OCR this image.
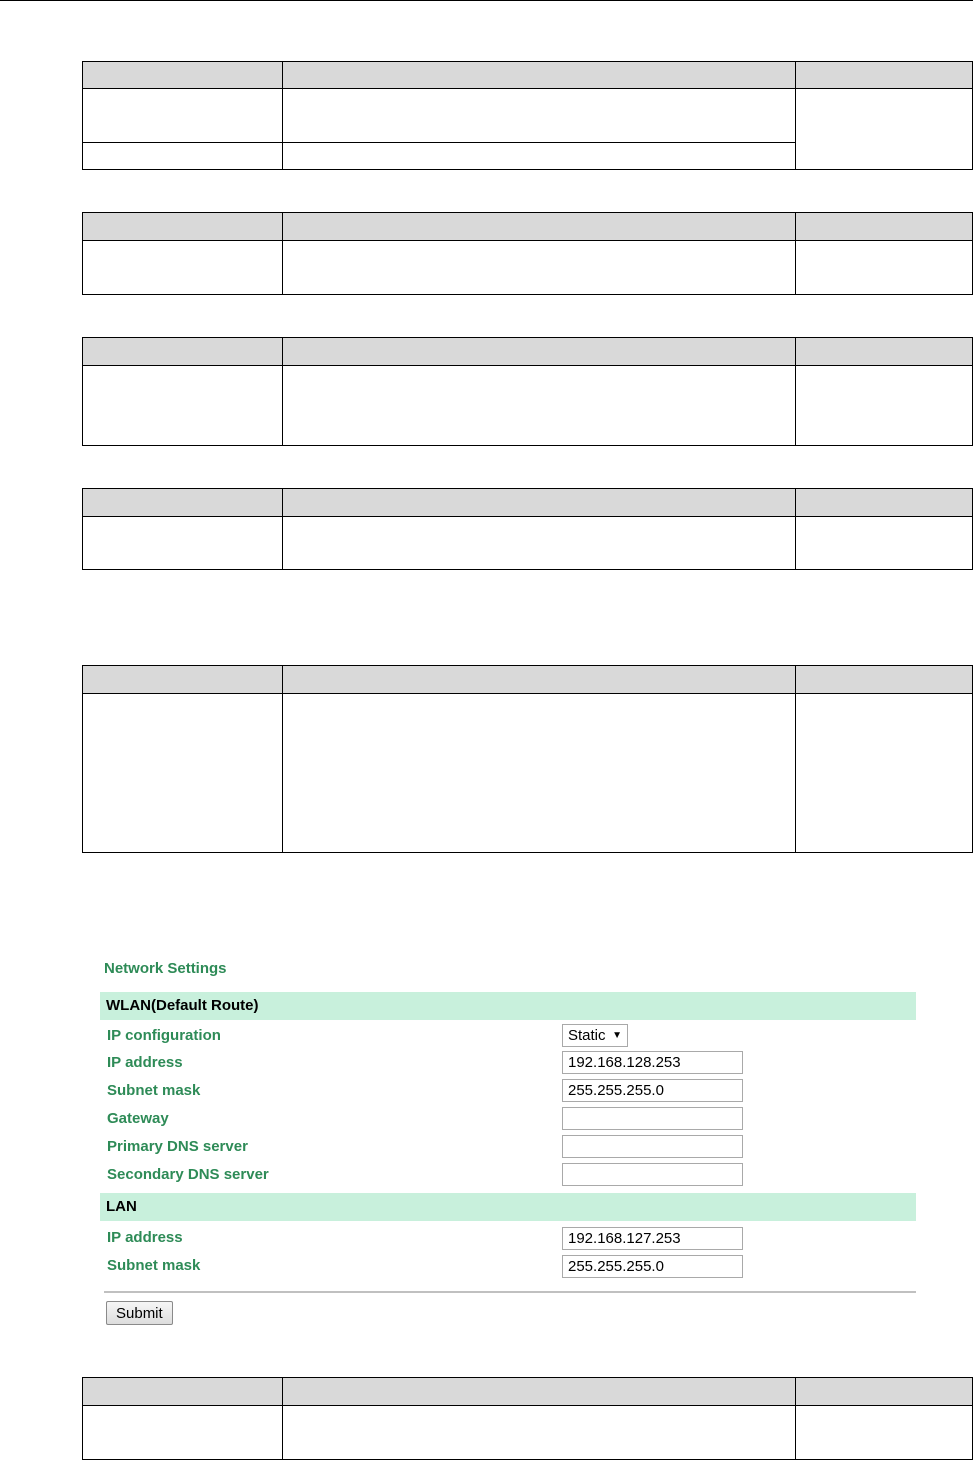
Network Settings
WLAN(Default Route)
IP configuration	Static ▼
IP address
192.168.128.253
Subnet mask
255.255.255.0
Gateway
Primary DNS server
Secondary DNS server
LAN
IP address
192.168.127.253
Subnet mask
255.255.255.0
Submit
